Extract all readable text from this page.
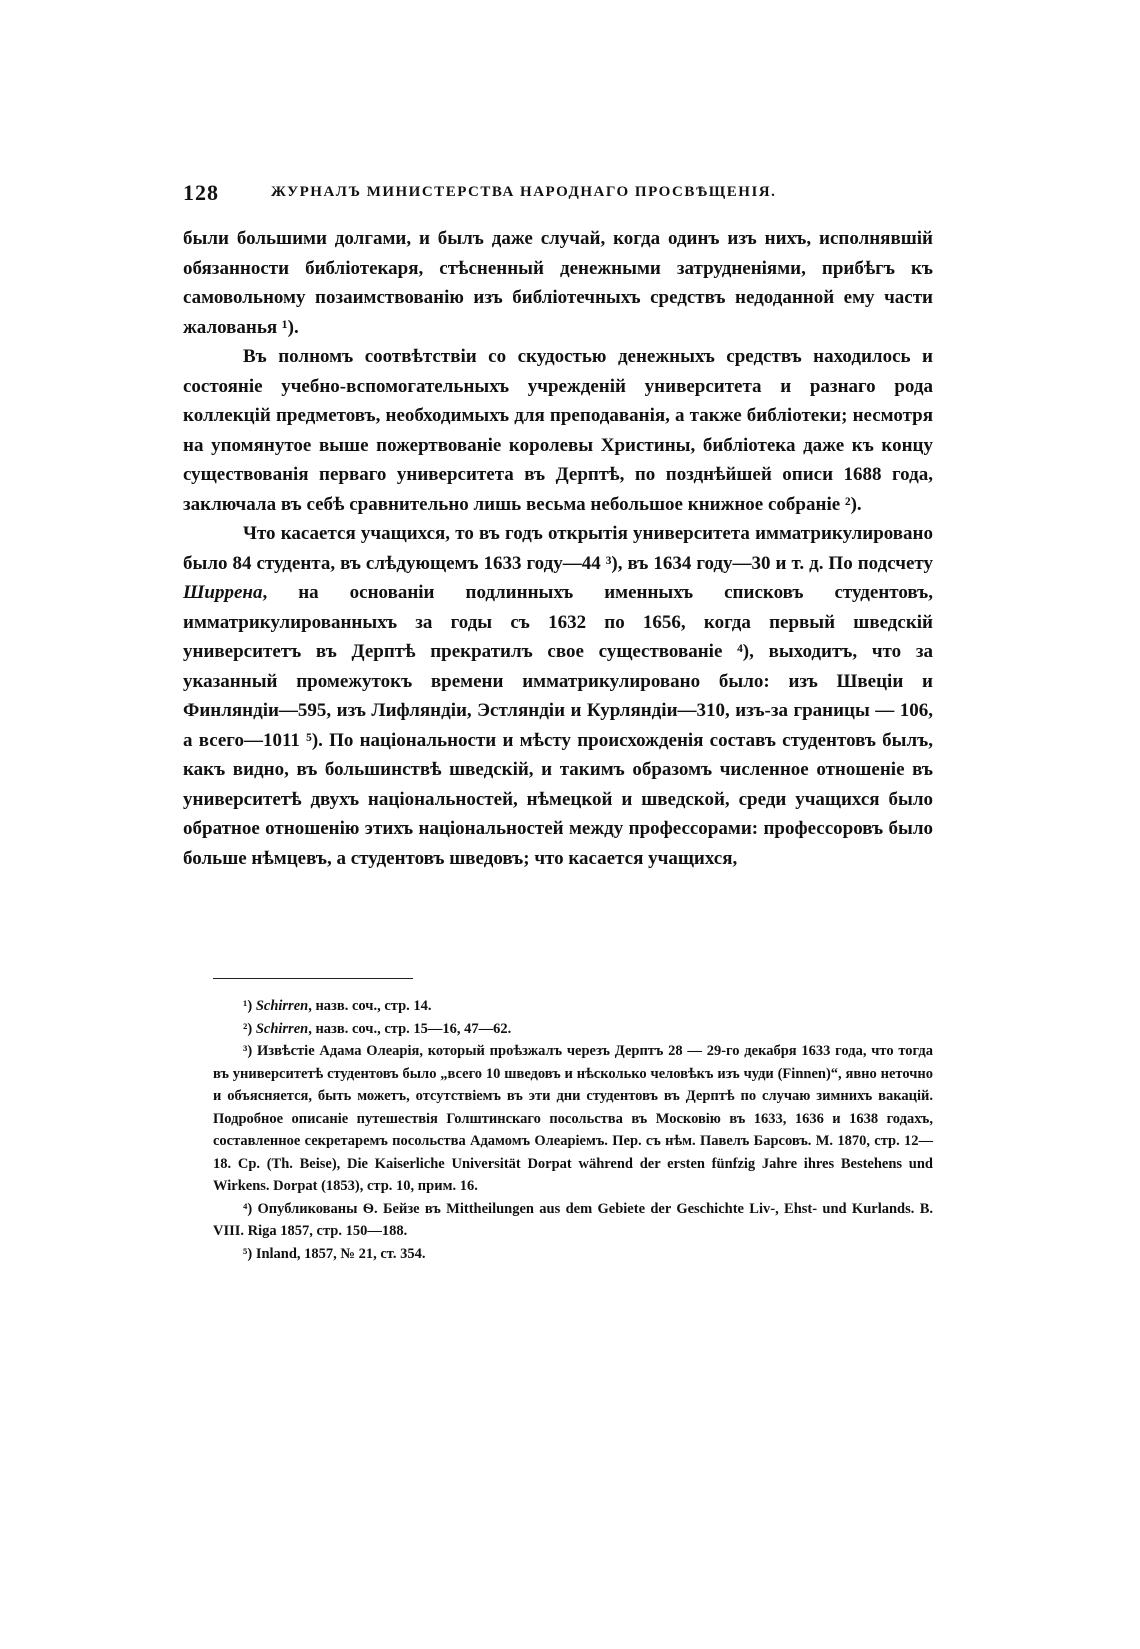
128	ЖУРНАЛЪ МИНИСТЕРСТВА НАРОДНАГО ПРОСВѢЩЕНІЯ.

были большими долгами, и былъ даже случай, когда одинъ изъ нихъ, исполнявшій обязанности библіотекаря, стѣсненный денежными затрудненіями, прибѣгъ къ самовольному позаимствованію изъ библіотечныхъ средствъ недоданной ему части жалованья ¹).

Въ полномъ соотвѣтствіи со скудостью денежныхъ средствъ находилось и состояніе учебно-вспомогательныхъ учрежденій университета и разнаго рода коллекцій предметовъ, необходимыхъ для преподаванія, а также библіотеки; несмотря на упомянутое выше пожертвованіе королевы Христины, библіотека даже къ концу существованія перваго университета въ Дерптѣ, по позднѣйшей описи 1688 года, заключала въ себѣ сравнительно лишь весьма небольшое книжное собраніе ²).

Что касается учащихся, то въ годъ открытія университета имматрикулировано было 84 студента, въ слѣдующемъ 1633 году—44 ³), въ 1634 году—30 и т. д. По подсчету Ширрена, на основаніи подлинныхъ именныхъ списковъ студентовъ, имматрикулированныхъ за годы съ 1632 по 1656, когда первый шведскій университетъ въ Дерптѣ прекратилъ свое существованіе ⁴), выходитъ, что за указанный промежутокъ времени имматрикулировано было: изъ Швеціи и Финляндіи—595, изъ Лифляндіи, Эстляндіи и Курляндіи—310, изъ-за границы — 106, а всего—1011 ⁵). По національности и мѣсту происхожденія составъ студентовъ былъ, какъ видно, въ большинствѣ шведскій, и такимъ образомъ численное отношеніе въ университетѣ двухъ національностей, нѣмецкой и шведской, среди учащихся было обратное отношенію этихъ національностей между профессорами: профессоровъ было больше нѣмцевъ, а студентовъ шведовъ; что касается учащихся,

¹) Schirren, назв. соч., стр. 14.

²) Schirren, назв. соч., стр. 15—16, 47—62.

³) Извѣстіе Адама Олеарія, который проѣзжалъ черезъ Дерптъ 28 — 29-го декабря 1633 года, что тогда въ университетѣ студентовъ было „всего 10 шведовъ и нѣсколько человѣкъ изъ чуди (Finnen)“, явно неточно и объясняется, быть можетъ, отсутствіемъ въ эти дни студентовъ въ Дерптѣ по случаю зимнихъ вакацій. Подробное описаніе путешествія Голштинскаго посольства въ Московію въ 1633, 1636 и 1638 годахъ, составленное секретаремъ посольства Адамомъ Олеаріемъ. Пер. съ нѣм. Павелъ Барсовъ. М. 1870, стр. 12—18. Ср. (Th. Beise), Die Kaiserliche Universität Dorpat während der ersten fünfzig Jahre ihres Bestehens und Wirkens. Dorpat (1853), стр. 10, прим. 16.

⁴) Опубликованы Ѳ. Бейзе въ Mittheilungen aus dem Gebiete der Geschichte Liv-, Ehst- und Kurlands. B. VIII. Riga 1857, стр. 150—188.

⁵) Inland, 1857, № 21, ст. 354.
